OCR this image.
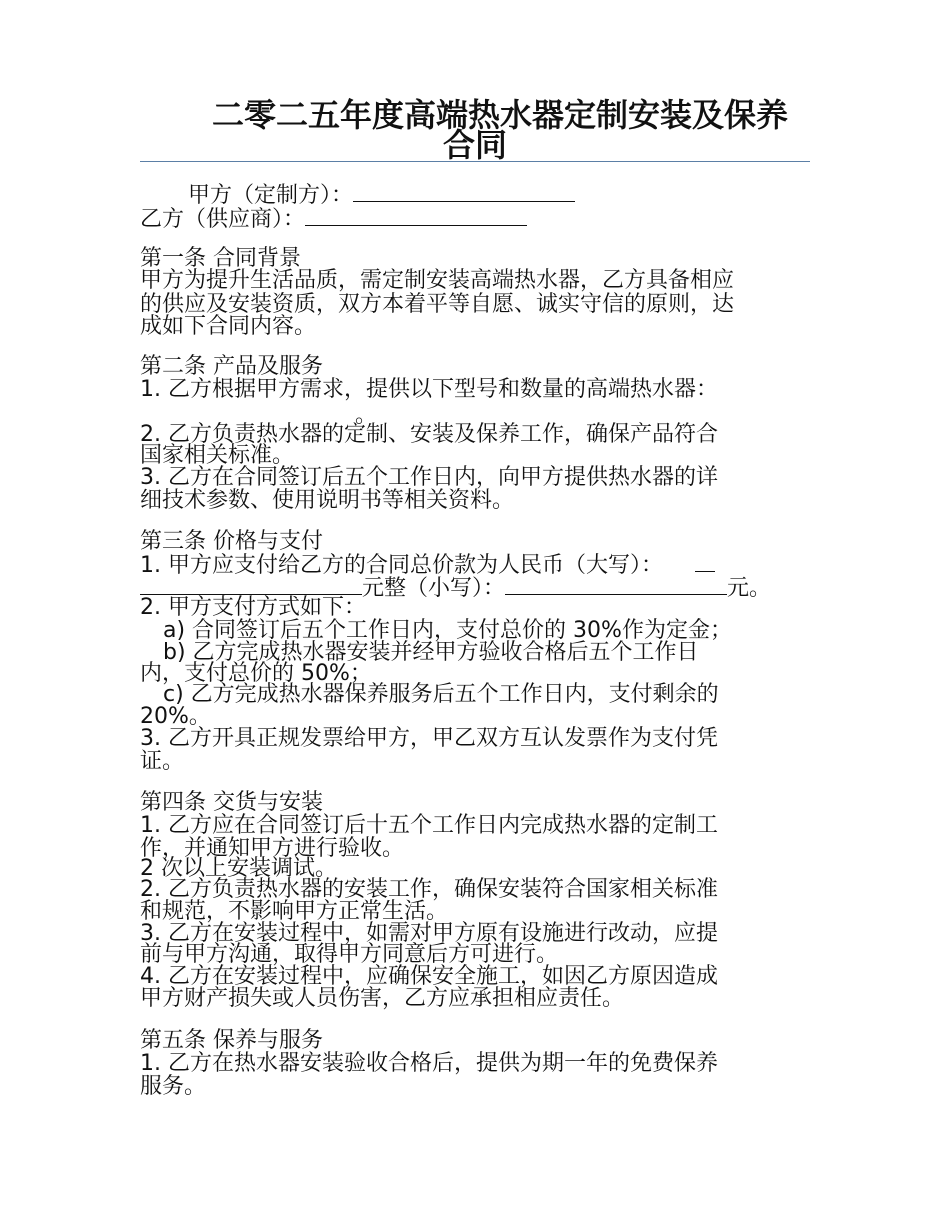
二零二五年度高端热水器定制安装及保养
合同
甲方（定制方）：
乙方（供应商）：
第一条 合同背景
甲方为提升生活品质，需定制安装高端热水器，乙方具备相应
的供应及安装资质，双方本着平等自愿、诚实守信的原则，达
成如下合同内容。
第二条 产品及服务
1. 乙方根据甲方需求，提供以下型号和数量的高端热水器：
。
2. 乙方负责热水器的定制、安装及保养工作，确保产品符合
国家相关标准。
3. 乙方在合同签订后五个工作日内，向甲方提供热水器的详
细技术参数、使用说明书等相关资料。
第三条 价格与支付
1. 甲方应支付给乙方的合同总价款为人民币（大写）：
元整（小写）：	元。
2. 甲方支付方式如下：
a) 合同签订后五个工作日内，支付总价的 30%作为定金；
b) 乙方完成热水器安装并经甲方验收合格后五个工作日
内，支付总价的 50%；
c) 乙方完成热水器保养服务后五个工作日内，支付剩余的
20%。
3. 乙方开具正规发票给甲方，甲乙双方互认发票作为支付凭
证。
第四条 交货与安装
1. 乙方应在合同签订后十五个工作日内完成热水器的定制工
作，并通知甲方进行验收。
2 次以上安装调试。
2. 乙方负责热水器的安装工作，确保安装符合国家相关标准
和规范，不影响甲方正常生活。
3. 乙方在安装过程中，如需对甲方原有设施进行改动，应提
前与甲方沟通，取得甲方同意后方可进行。
4. 乙方在安装过程中，应确保安全施工，如因乙方原因造成
甲方财产损失或人员伤害，乙方应承担相应责任。
第五条 保养与服务
1. 乙方在热水器安装验收合格后，提供为期一年的免费保养
服务。
